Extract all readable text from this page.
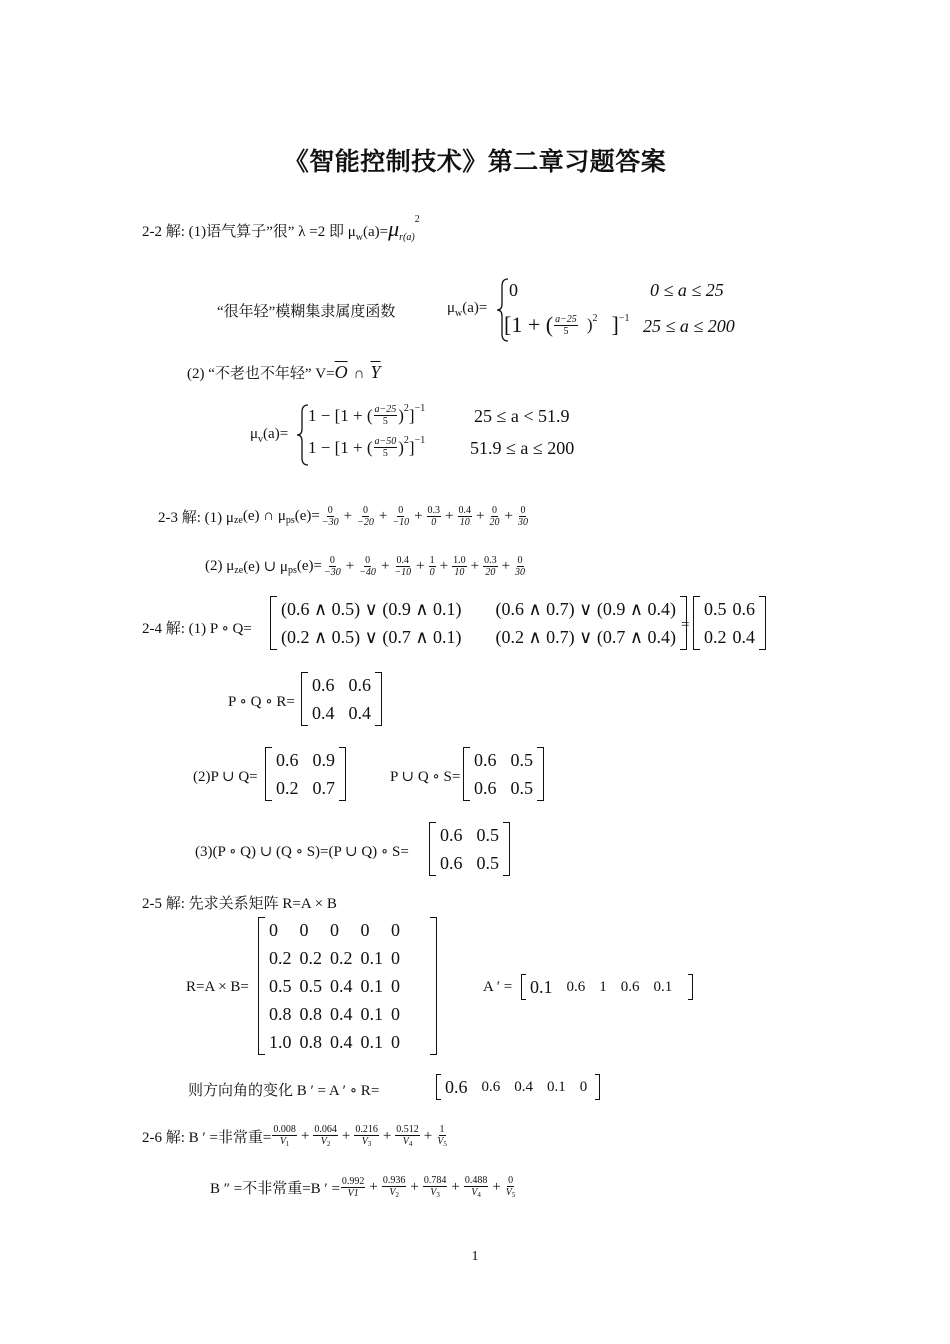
《智能控制技术》第二章习题答案
2-2 解: (1)语气算子”很” λ =2 即 $\mu_w(a)=\mu_{r(a)}^2$
“很年轻”模糊集隶属度函数	$\mu_w(a)=$
0	0 ≤ a ≤ 25
[1 + ( $\frac{a-25}{5}$ ) 2 ] −1 25 ≤ a ≤ 200
(2) “不老也不年轻” $V=\overline{O}$ ∩ $\overline{Y}$
$\mu_v(a)=$
1 − [1 + ( $\frac{a-25}{5}$ ) 2 ] −1	25 ≤ a < 51.9
1 − [1 + ( $\frac{a-50}{5}$ ) 2 ] −1 51.9 ≤ a ≤ 200
2-3 解: (1) μ ze (e) ∩ μ ps $(e)= \frac{0}{-30} + \frac{0}{-20} + \frac{0}{-10} + \frac{0.3}{0} + \frac{0.4}{10} + \frac{0}{20} + \frac{0}{30}$
(2) μ ze (e) ∪ μ ps $(e)= \frac{0}{-30} + \frac{0}{-40} + \frac{0.4}{-10} + \frac{1}{0} + \frac{1.0}{10} + \frac{0.3}{20} + \frac{0}{30}$
2-4 解: (1) P ∘ Q=
(0.6 ∧ 0.5) ∨ (0.9 ∧ 0.1) (0.6 ∧ 0.7) ∨ (0.9 ∧ 0.4)
(0.2 ∧ 0.5) ∨ (0.7 ∧ 0.1) (0.2 ∧ 0.7) ∨ (0.7 ∧ 0.4)
=
0.5 0.6
0.2 0.4
P ∘ Q ∘ R=
0.6 0.6
0.4 0.4
(2)P ∪ Q=
0.6 0.9
0.2 0.7
P ∪ Q ∘ S=
0.6 0.5
0.6 0.5
(3)(P ∘ Q) ∪ (Q ∘ S)=(P ∪ Q) ∘ S=
0.6 0.5
0.6 0.5
2-5 解: 先求关系矩阵 R=A × B
R=A × B=
0	0	0	0	0
0.2 0.2 0.2 0.1 0
0.5 0.5 0.4 0.1 0
0.8 0.8 0.4 0.1 0
1.0 0.8 0.4 0.1 0
A ′ = 0.1 0.6 1 0.6 0.1
则方向角的变化 B ′ = A ′ ∘ R=	0.6 0.6 0.4 0.1 0
2-6 解: B ′ =非常重= $\frac{0.008}{V_1} + \frac{0.064}{V_2} + \frac{0.216}{V_3} + \frac{0.512}{V_4} + \frac{1}{V_5}$
B ″ =不非常重=B ′ = $\frac{0.992}{V1} + \frac{0.936}{V_2} + \frac{0.784}{V_3} + \frac{0.488}{V_4} + \frac{0}{V_5}$
1
